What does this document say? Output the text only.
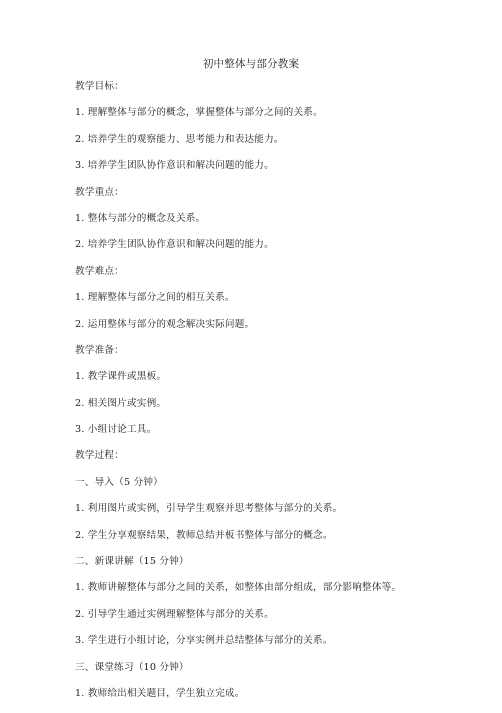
初中整体与部分教案
教学目标：
1. 理解整体与部分的概念，掌握整体与部分之间的关系。
2. 培养学生的观察能力、思考能力和表达能力。
3. 培养学生团队协作意识和解决问题的能力。
教学重点：
1. 整体与部分的概念及关系。
2. 培养学生团队协作意识和解决问题的能力。
教学难点：
1. 理解整体与部分之间的相互关系。
2. 运用整体与部分的观念解决实际问题。
教学准备：
1. 教学课件或黑板。
2. 相关图片或实例。
3. 小组讨论工具。
教学过程：
一、导入（5 分钟）
1. 利用图片或实例，引导学生观察并思考整体与部分的关系。
2. 学生分享观察结果，教师总结并板书整体与部分的概念。
二、新课讲解（15 分钟）
1. 教师讲解整体与部分之间的关系，如整体由部分组成，部分影响整体等。
2. 引导学生通过实例理解整体与部分的关系。
3. 学生进行小组讨论，分享实例并总结整体与部分的关系。
三、课堂练习（10 分钟）
1. 教师给出相关题目，学生独立完成。
